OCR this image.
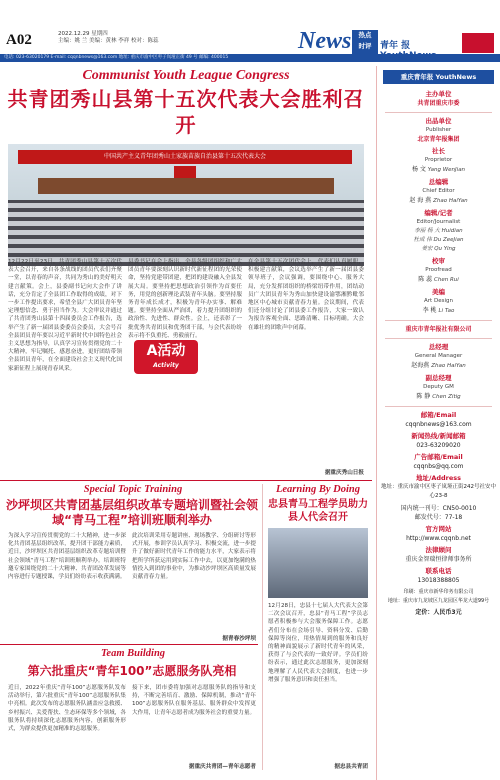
A02	2022.12.29 星期四
主编：姚 兰 美编：黄林 李祥 校对：陈蕊	News	热点
时评 青年 报
电话: 023-63020179 E-mail: cqqnbnews@163.com 地址: 重庆市渝中区枣子岚垭正街 49 号 邮编: 400015
Communist Youth League Congress
共青团秀山县第十五次代表大会胜利召开
中国共产主义青年团秀山土家族苗族自治县第十五次代表大会
12月22日至23日，共青团秀山县第十五次代表大会召开，来自各条战线的团员代表们齐聚一堂，以青春的声音，共同为秀山的美好明天建言献策。会上，县委副书记向大会作了讲话，充分肯定了全县团工作取得的成绩，对下一步工作提出要求，希望全县广大团员青年坚定理想信念、勇于担当作为。大会审议并通过了共青团秀山县第十四届委员会工作报告，选举产生了新一届团县委委员会委员，大会号召全县团员青年要以习近平新时代中国特色社会主义思想为指导，认真学习宣传贯彻党的二十大精神，牢记嘱托、感恩奋进，更好团结带领全县团员青年，在全面建设社会主义现代化国家新征程上展现青春风采。
县委书记在会上指出，全县各级团组织和广大团员青年要深刻认识新时代新征程团的光荣使命，坚持党建带团建，把团的建设融入全县发展大局。要坚持把思想政治引领作为首要任务，用党的创新理论武装青年头脑。要坚持服务青年成长成才，积极为青年办实事、解难题。要坚持全面从严治团，着力提升团组织的政治性、先进性、群众性。会上，还表彰了一批优秀共青团员和优秀团干部，与会代表纷纷表示将不负重托、勇毅前行。
A活动
Activity
在全县第十五次团代会上，代表们认真履职，积极建言献策，会议选举产生了新一届团县委领导班子，会议强调，要围绕中心、服务大局，充分发挥团组织的桥梁纽带作用，团结动员广大团员青年为秀山加快建设渝鄂湘黔毗邻地区中心城市贡献青春力量。会议期间，代表们还分组讨论了团县委工作报告，大家一致认为报告客观全面、思路清晰、目标明确。大会在雄壮的团歌声中闭幕。
据重庆秀山日报
Special Topic Training
沙坪坝区共青团基层组织改革专题培训暨社会领域“青马工程”培训班顺利举办
为深入学习宣传贯彻党的二十大精神，进一步深化共青团基层组织改革，提升团干部能力素质，近日，沙坪坝区共青团基层组织改革专题培训暨社会领域“青马工程”培训班顺利举办。培训班特邀专家围绕党的二十大精神、共青团改革发展等内容进行专题授课，学员们纷纷表示收获满满。
此次培训采用专题讲座、现场教学、分组研讨等形式开展，参训学员认真学习、积极交流，进一步提升了做好新时代青年工作的能力水平，大家表示将把所学所获运用到实际工作中去，以更加饱满的热情投入到团的事业中，为推动沙坪坝区高质量发展贡献青春力量。
据青春沙坪坝
Learning By Doing
忠县青马工程学员助力县人代会召开
12月28日，忠县十七届人大代表大会第二次会议召开，忠县“青马工程”学员志愿者积极参与大会服务保障工作。志愿者们分布在会场引导、资料分发、后勤保障等岗位，用热情周到的服务和良好的精神面貌展示了新时代青年的风采，获得了与会代表的一致好评。学员们纷纷表示，通过此次志愿服务，更加深刻地理解了人民代表大会制度，也进一步增强了服务意识和责任担当。
据忠县共青团
Team Building
第六批重庆“青年100”志愿服务队亮相
近日，2022年重庆“青年100”志愿服务队发布活动举行，第六批重庆“青年100”志愿服务队集中亮相。此次发布的志愿服务队涵盖应急救援、乡村振兴、关爱帮扶、生态环保等多个领域，各服务队将持续深化志愿服务内容，创新服务形式，为群众提供更加精准的志愿服务。
接下来，团市委将加强对志愿服务队的指导和支持，不断完善培育、激励、保障机制，推动“青年100”志愿服务队在服务基层、服务群众中发挥更大作用，让青年志愿者成为服务社会的重要力量。
据重庆共青团—青年志愿者
重庆青年报 YouthNews
主办单位
共青团重庆市委
出品单位
Publisher
北京青年报集团
社长
Proprietor
杨 文 Yang WenJian
总编辑
Chief Editor
赵 海 燕 Zhao HaiYan
编辑/记者
Editor/Journalist
李丽 杨 大 Huidian
杜成 伟 Du ZeeJian
姜宏 Qu Ying
校审
Proofread
陈 蕊 Chen Rui
美编
Art Design
李 桃 Li Tao
重庆市青年报社有限公司
总经理
General Manager
赵海燕 Zhao HaiYan
副总经理
Deputy GM
陈 静 Chen Zitig
邮箱/Email
cqqnbnews@163.com
新闻热线/新闻邮箱
023-63209020
广告邮箱/Email
cqqnbs@qq.com
地址/Address
地址：重庆市渝中区枣子岚垭正街242号社安中心23-8
国内统一刊号：CN50-0010
邮发代号：77-18
官方网站
http://www.cqqnb.net
法律顾问
重庆金智瑞恒律师事务所
联系电话
13018388805
印刷：重庆市新华印务有限公司
地址：重庆市九龙坡区九龙园区华龙大道99号
定价：人民币3元
